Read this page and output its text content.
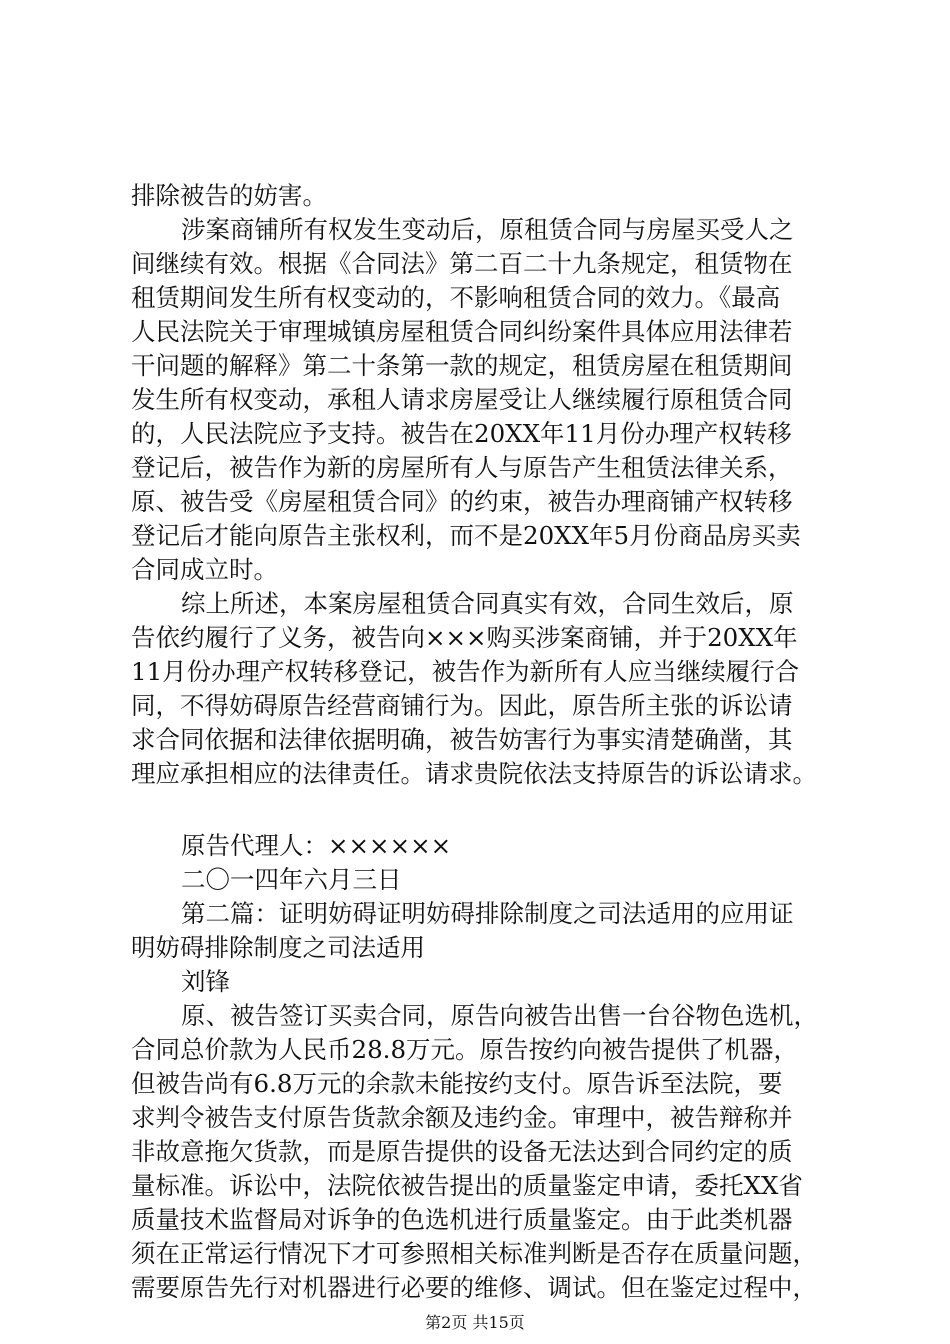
排除被告的妨害。
涉案商铺所有权发生变动后，原租赁合同与房屋买受人之
间继续有效。根据《合同法》第二百二十九条规定，租赁物在
租赁期间发生所有权变动的，不影响租赁合同的效力。《最高
人民法院关于审理城镇房屋租赁合同纠纷案件具体应用法律若
干问题的解释》第二十条第一款的规定，租赁房屋在租赁期间
发生所有权变动，承租人请求房屋受让人继续履行原租赁合同
的，人民法院应予支持。被告在20XX年11月份办理产权转移
登记后，被告作为新的房屋所有人与原告产生租赁法律关系，
原、被告受《房屋租赁合同》的约束，被告办理商铺产权转移
登记后才能向原告主张权利，而不是20XX年5月份商品房买卖
合同成立时。
综上所述，本案房屋租赁合同真实有效，合同生效后，原
告依约履行了义务，被告向×××购买涉案商铺，并于20XX年
11月份办理产权转移登记，被告作为新所有人应当继续履行合
同，不得妨碍原告经营商铺行为。因此，原告所主张的诉讼请
求合同依据和法律依据明确，被告妨害行为事实清楚确凿，其
理应承担相应的法律责任。请求贵院依法支持原告的诉讼请求。
原告代理人：××××××
二〇一四年六月三日
第二篇：证明妨碍证明妨碍排除制度之司法适用的应用证
明妨碍排除制度之司法适用
刘锋
原、被告签订买卖合同，原告向被告出售一台谷物色选机，
合同总价款为人民币28.8万元。原告按约向被告提供了机器，
但被告尚有6.8万元的余款未能按约支付。原告诉至法院，要
求判令被告支付原告货款余额及违约金。审理中，被告辩称并
非故意拖欠货款，而是原告提供的设备无法达到合同约定的质
量标准。诉讼中，法院依被告提出的质量鉴定申请，委托XX省
质量技术监督局对诉争的色选机进行质量鉴定。由于此类机器
须在正常运行情况下才可参照相关标准判断是否存在质量问题，
需要原告先行对机器进行必要的维修、调试。但在鉴定过程中，
第2页 共15页
